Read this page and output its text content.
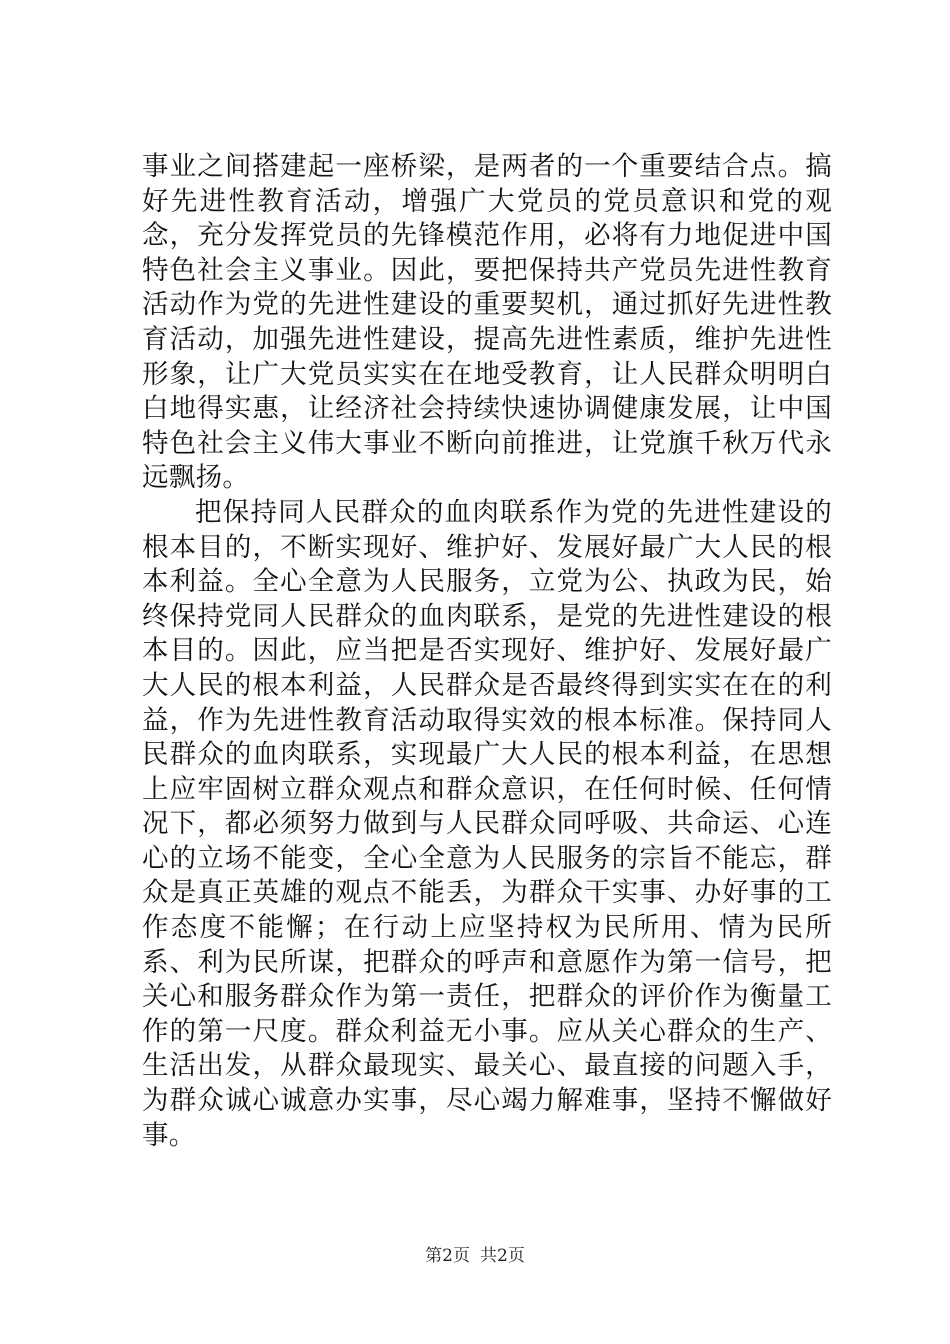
事业之间搭建起一座桥梁，是两者的一个重要结合点。搞好先进性教育活动，增强广大党员的党员意识和党的观念，充分发挥党员的先锋模范作用，必将有力地促进中国特色社会主义事业。因此，要把保持共产党员先进性教育活动作为党的先进性建设的重要契机，通过抓好先进性教育活动，加强先进性建设，提高先进性素质，维护先进性形象，让广大党员实实在在地受教育，让人民群众明明白白地得实惠，让经济社会持续快速协调健康发展，让中国特色社会主义伟大事业不断向前推进，让党旗千秋万代永远飘扬。

把保持同人民群众的血肉联系作为党的先进性建设的根本目的，不断实现好、维护好、发展好最广大人民的根本利益。全心全意为人民服务，立党为公、执政为民，始终保持党同人民群众的血肉联系，是党的先进性建设的根本目的。因此，应当把是否实现好、维护好、发展好最广大人民的根本利益，人民群众是否最终得到实实在在的利益，作为先进性教育活动取得实效的根本标准。保持同人民群众的血肉联系，实现最广大人民的根本利益，在思想上应牢固树立群众观点和群众意识，在任何时候、任何情况下，都必须努力做到与人民群众同呼吸、共命运、心连心的立场不能变，全心全意为人民服务的宗旨不能忘，群众是真正英雄的观点不能丢，为群众干实事、办好事的工作态度不能懈；在行动上应坚持权为民所用、情为民所系、利为民所谋，把群众的呼声和意愿作为第一信号，把关心和服务群众作为第一责任，把群众的评价作为衡量工作的第一尺度。群众利益无小事。应从关心群众的生产、生活出发，从群众最现实、最关心、最直接的问题入手，为群众诚心诚意办实事，尽心竭力解难事，坚持不懈做好事。

第2页 共2页
